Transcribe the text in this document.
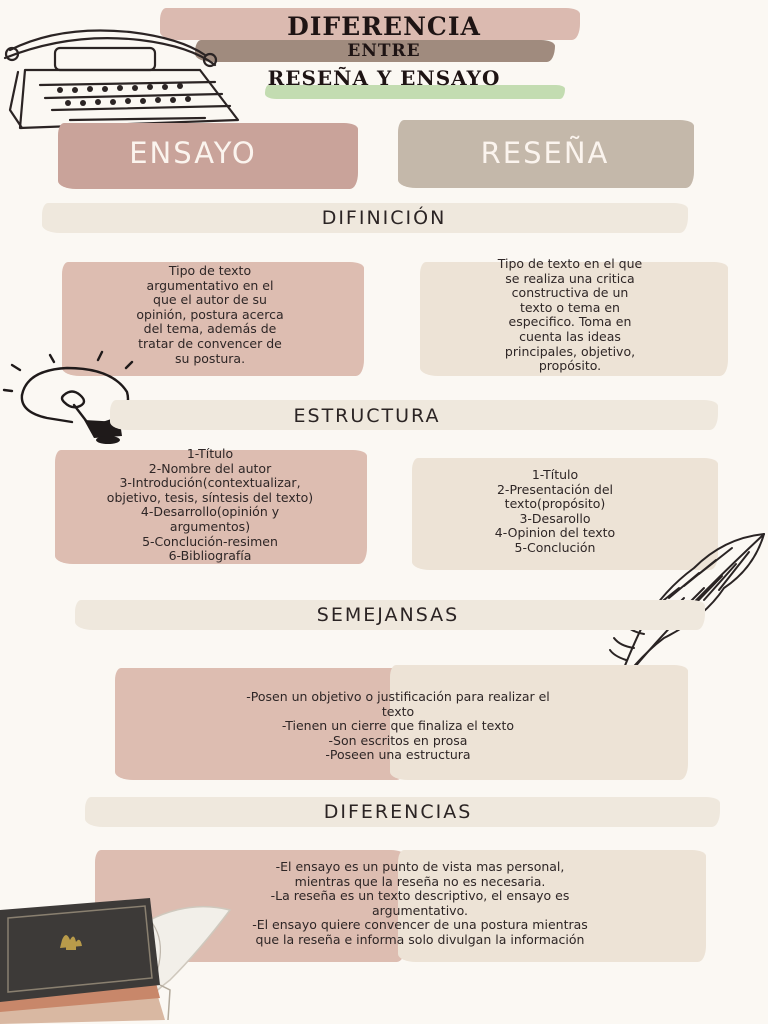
DIFERENCIA
ENTRE
RESEÑA Y ENSAYO
ENSAYO	RESEÑA
DIFINICIÓN
Tipo de texto
argumentativo en el
que el autor de su
opinión, postura acerca
del tema, además de
tratar de convencer de
su postura.
Tipo de texto en el que
se realiza una critica
constructiva de un
texto o tema en
especifico. Toma en
cuenta las ideas
principales, objetivo,
propósito.
ESTRUCTURA
1-Título
2-Nombre del autor
3-Introdución(contextualizar,
objetivo, tesis, síntesis del texto)
4-Desarrollo(opinión y
argumentos)
5-Conclución-resimen
6-Bibliografía
1-Título
2-Presentación del
texto(propósito)
3-Desarollo
4-Opinion del texto
5-Conclución
SEMEJANSAS
-Posen un objetivo o justificación para realizar el
texto
-Tienen un cierre que finaliza el texto
-Son escritos en prosa
-Poseen una estructura
DIFERENCIAS
-El ensayo es un punto de vista mas personal,
mientras que la reseña no es necesaria.
-La reseña es un texto descriptivo, el ensayo es
argumentativo.
-El ensayo quiere convencer de una postura mientras
que la reseña e informa solo divulgan la información
